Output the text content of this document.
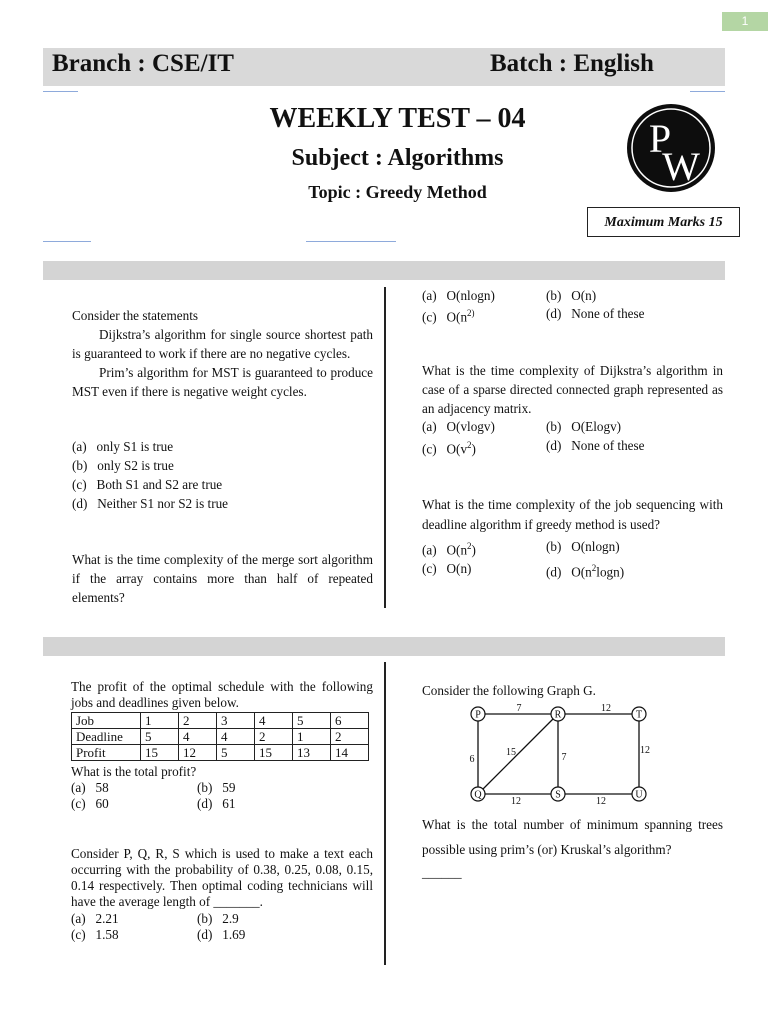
1
Branch : CSE/IT	Batch : English
WEEKLY TEST – 04
Subject : Algorithms
Topic : Greedy Method
P
W
Maximum Marks 15
Consider the statements
Dijkstra’s algorithm for single source shortest path is guaranteed to work if there are no negative cycles.
Prim’s algorithm for MST is guaranteed to produce MST even if there is negative weight cycles.
(a)   only S1 is true
(b)   only S2 is true
(c)   Both S1 and S2 are true
(d)   Neither S1 nor S2 is true
What is the time complexity of the merge sort algorithm if the array contains more than half of repeated elements?
(a)   O(nlogn)	(b)   O(n)
(c)   $O(n^{2)}$	(d)   None of these
What is the time complexity of Dijkstra’s algorithm in case of a sparse directed connected graph represented as an adjacency matrix.
(a)   O(vlogv)	(b)   O(Elogv)
(c)   $O(v^2)$	(d)   None of these
What is the time complexity of the job sequencing with deadline algorithm if greedy method is used?
(a)   $O(n^2)$	(b)   O(nlogn)
(c)   O(n)	(d)   $O(n^2\log n)$
The profit of the optimal schedule with the following jobs and deadlines given below.
Job	1	2	3	4	5	6
Deadline	5	4	4	2	1	2
Profit	15	12	5	15	13	14
What is the total profit?
(a)   58	(b)   59
(c)   60	(d)   61
Consider P, Q, R, S which is used to make a text each occurring with the probability of 0.38, 0.25, 0.08, 0.15, 0.14 respectively. Then optimal coding technicians will have the average length of _______.
(a)   2.21	(b)   2.9
(c)   1.58	(d)   1.69
Consider the following Graph G.
P	R	T
Q	S	U
7	12
6
15	7
12
12	12
What is the total number of minimum spanning trees possible using prim’s (or) Kruskal’s algorithm?
______
